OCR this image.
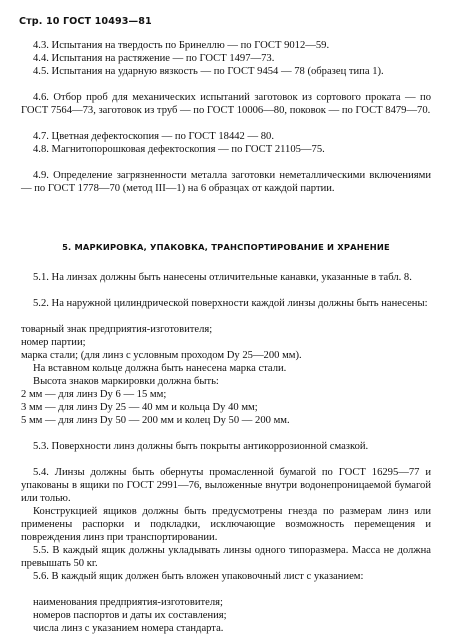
Стр. 10 ГОСТ 10493—81
4.3. Испытания на твердость по Бринеллю — по ГОСТ 9012—59.
4.4. Испытания на растяжение — по ГОСТ 1497—73.
4.5. Испытания на ударную вязкость — по ГОСТ 9454 — 78 (образец типа 1).
4.6. Отбор проб для механических испытаний заготовок из сортового проката — по ГОСТ 7564—73, заготовок из труб — по ГОСТ 10006—80, поковок — по ГОСТ 8479—70.
4.7. Цветная дефектоскопия — по ГОСТ 18442 — 80.
4.8. Магнитопорошковая дефектоскопия — по ГОСТ 21105—75.
4.9. Определение загрязненности металла заготовки неметаллическими включениями — по ГОСТ 1778—70 (метод III—1) на 6 образцах от каждой партии.
5. МАРКИРОВКА, УПАКОВКА, ТРАНСПОРТИРОВАНИЕ И ХРАНЕНИЕ
5.1. На линзах должны быть нанесены отличительные канавки, указанные в табл. 8.
5.2. На наружной цилиндрической поверхности каждой линзы должны быть нанесены:
товарный знак предприятия-изготовителя;
номер партии;
марка стали; (для линз с условным проходом Dy 25—200 мм).
На вставном кольце должна быть нанесена марка стали.
Высота знаков маркировки должна быть:
2 мм — для линз Dy 6 — 15 мм;
3 мм — для линз Dy 25 — 40 мм и кольца Dy 40 мм;
5 мм — для линз Dy 50 — 200 мм и колец Dy 50 — 200 мм.
5.3. Поверхности линз должны быть покрыты антикоррозионной смазкой.
5.4. Линзы должны быть обернуты промасленной бумагой по ГОСТ 16295—77 и упакованы в ящики по ГОСТ 2991—76, выложенные внутри водонепроницаемой бумагой или толью.
Конструкцией ящиков должны быть предусмотрены гнезда по размерам линз или применены распорки и подкладки, исключающие возможность перемещения и повреждения линз при транспортировании.
5.5. В каждый ящик должны укладывать линзы одного типоразмера. Масса не должна превышать 50 кг.
5.6. В каждый ящик должен быть вложен упаковочный лист с указанием:
наименования предприятия-изготовителя;
номеров паспортов и даты их составления;
числа линз с указанием номера стандарта.
